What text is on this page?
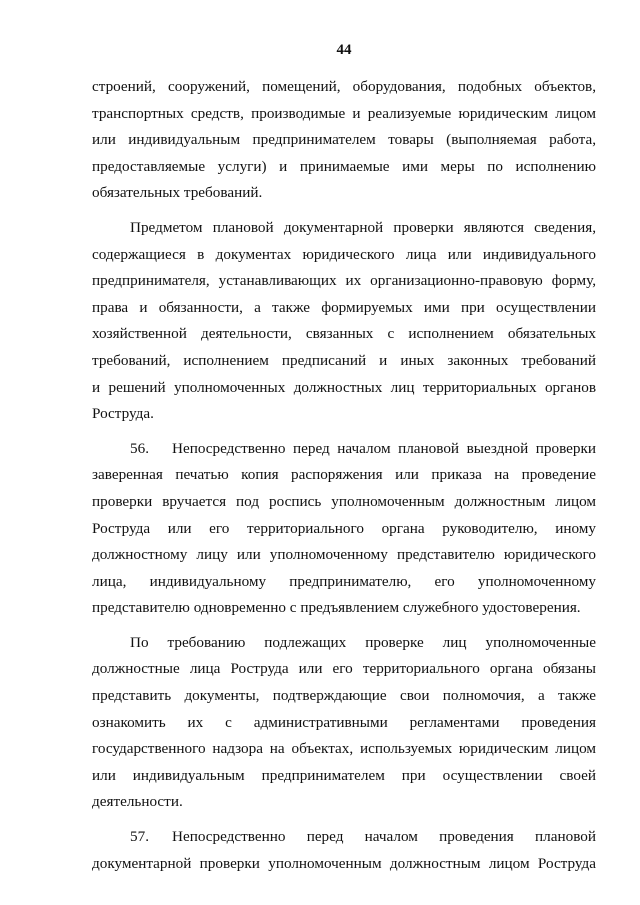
44
строений, сооружений, помещений, оборудования, подобных объектов,
транспортных средств, производимые и реализуемые юридическим лицом
или индивидуальным предпринимателем товары (выполняемая работа,
предоставляемые услуги) и принимаемые ими меры по исполнению
обязательных требований.
Предметом плановой документарной проверки являются сведения,
содержащиеся в документах юридического лица или индивидуального
предпринимателя, устанавливающих их организационно-правовую форму,
права и обязанности, а также формируемых ими при осуществлении
хозяйственной деятельности, связанных с исполнением обязательных
требований, исполнением предписаний и иных законных требований
и решений уполномоченных должностных лиц территориальных органов
Роструда.
56. Непосредственно перед началом плановой выездной проверки
заверенная печатью копия распоряжения или приказа на проведение
проверки вручается под роспись уполномоченным должностным лицом
Роструда или его территориального органа руководителю, иному
должностному лицу или уполномоченному представителю юридического
лица, индивидуальному предпринимателю, его уполномоченному
представителю одновременно с предъявлением служебного удостоверения.
По требованию подлежащих проверке лиц уполномоченные
должностные лица Роструда или его территориального органа обязаны
представить документы, подтверждающие свои полномочия, а также
ознакомить их с административными регламентами проведения
государственного надзора на объектах, используемых юридическим лицом
или индивидуальным предпринимателем при осуществлении своей
деятельности.
57. Непосредственно перед началом проведения плановой
документарной проверки уполномоченным должностным лицом Роструда
